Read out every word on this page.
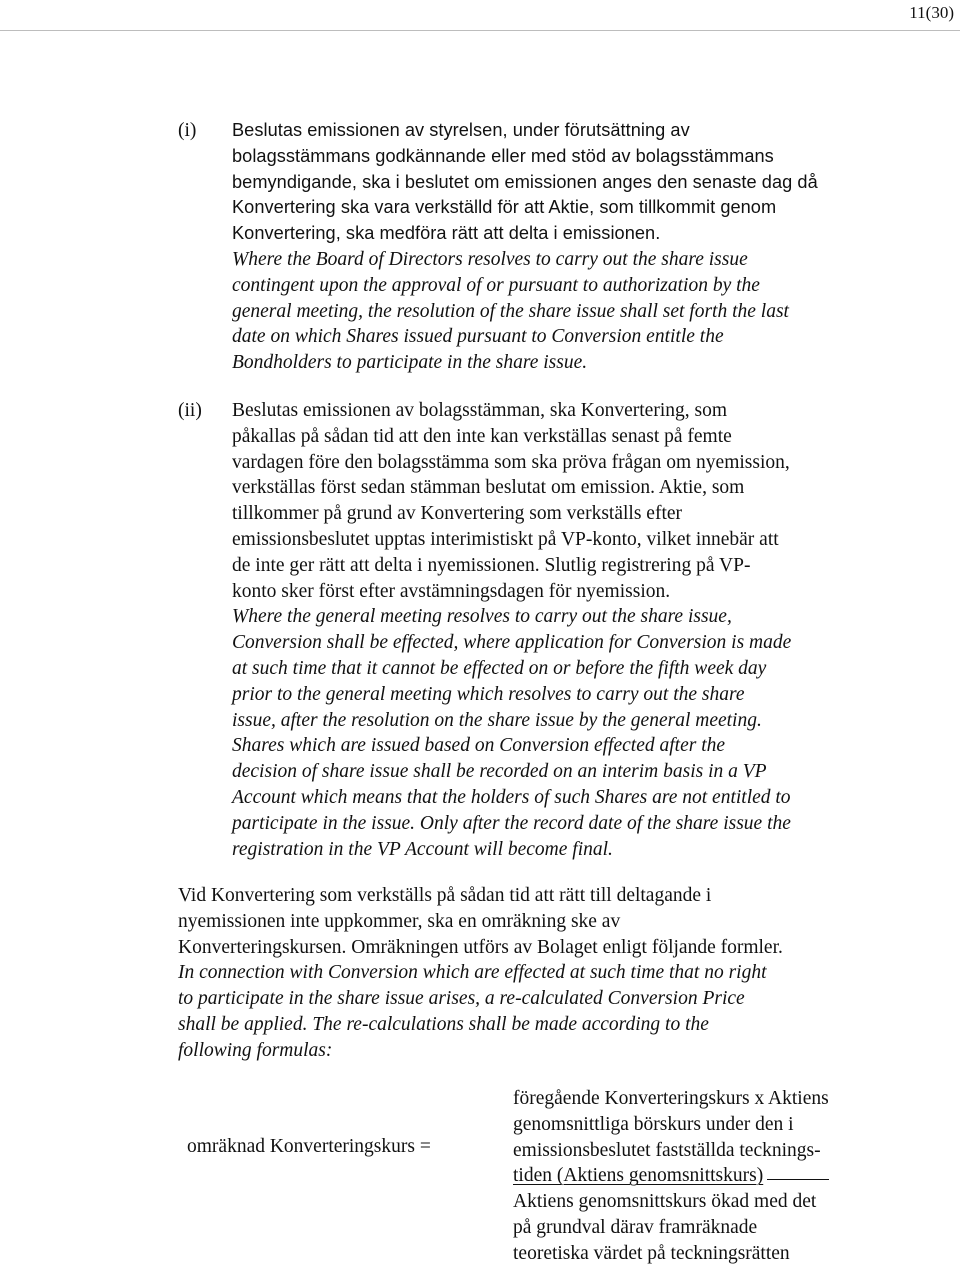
11(30)
(i) Beslutas emissionen av styrelsen, under förutsättning av
bolagsstämmans godkännande eller med stöd av bolagsstämmans
bemyndigande, ska i beslutet om emissionen anges den senaste dag då
Konvertering ska vara verkställd för att Aktie, som tillkommit genom
Konvertering, ska medföra rätt att delta i emissionen.
Where the Board of Directors resolves to carry out the share issue
contingent upon the approval of or pursuant to authorization by the
general meeting, the resolution of the share issue shall set forth the last
date on which Shares issued pursuant to Conversion entitle the
Bondholders to participate in the share issue.
(ii) Beslutas emissionen av bolagsstämman, ska Konvertering, som
påkallas på sådan tid att den inte kan verkställas senast på femte
vardagen före den bolagsstämma som ska pröva frågan om nyemission,
verkställas först sedan stämman beslutat om emission. Aktie, som
tillkommer på grund av Konvertering som verkställs efter
emissionsbeslutet upptas interimistiskt på VP-konto, vilket innebär att
de inte ger rätt att delta i nyemissionen. Slutlig registrering på VP-
konto sker först efter avstämningsdagen för nyemission.
Where the general meeting resolves to carry out the share issue,
Conversion shall be effected, where application for Conversion is made
at such time that it cannot be effected on or before the fifth week day
prior to the general meeting which resolves to carry out the share
issue, after the resolution on the share issue by the general meeting.
Shares which are issued based on Conversion effected after the
decision of share issue shall be recorded on an interim basis in a VP
Account which means that the holders of such Shares are not entitled to
participate in the issue. Only after the record date of the share issue the
registration in the VP Account will become final.
Vid Konvertering som verkställs på sådan tid att rätt till deltagande i
nyemissionen inte uppkommer, ska en omräkning ske av
Konverteringskursen. Omräkningen utförs av Bolaget enligt följande formler.
In connection with Conversion which are effected at such time that no right
to participate in the share issue arises, a re-calculated Conversion Price
shall be applied. The re-calculations shall be made according to the
following formulas:
omräknad Konverteringskurs =
föregående Konverteringskurs x Aktiens
genomsnittliga börskurs under den i
emissionsbeslutet fastställda tecknings-
tiden (Aktiens genomsnittskurs)
Aktiens genomsnittskurs ökad med det
på grundval därav framräknade
teoretiska värdet på teckningsrätten
